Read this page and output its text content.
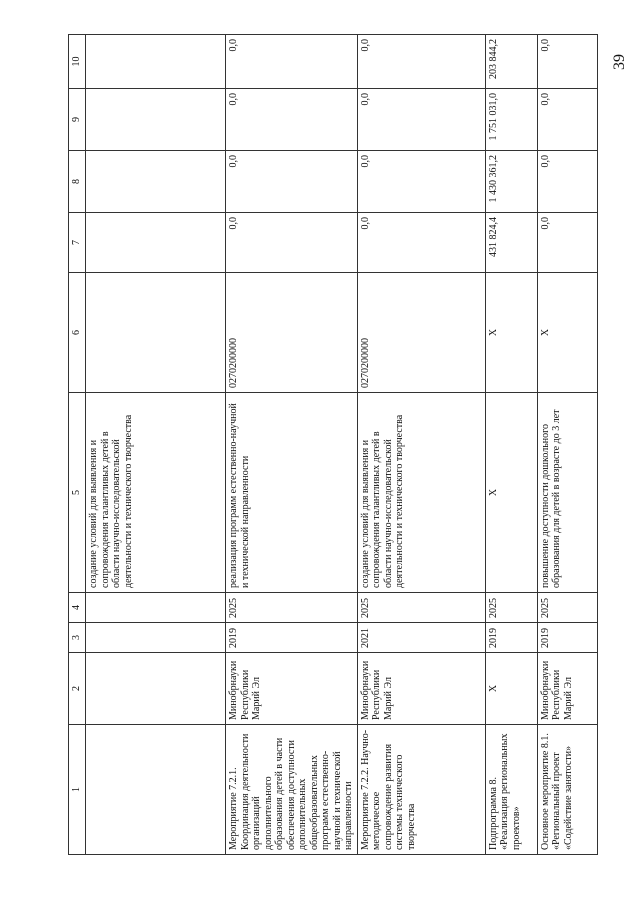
39
1	2	3	4	5	6	7	8	9	10
				создание условий для выявления и сопровождения талантливых детей в области научно-исследовательской деятельности и технического творчества					
Мероприятие 7.2.1. Координация деятельности организаций дополнительного образования детей в части обеспечения доступности дополнительных общеобразовательных программ естественно-научной и технической направленности	Минобрнауки Республики Марий Эл	2019	2025	реализация программ естественно-научной и технической направленности	0270200000	0,0	0,0	0,0	0,0
Мероприятие 7.2.2. Научно-методическое сопровождение развития системы технического творчества	Минобрнауки Республики Марий Эл	2021	2025	создание условий для выявления и сопровождения талантливых детей в области научно-исследовательской деятельности и технического творчества	0270200000	0,0	0,0	0,0	0,0
Подпрограмма 8. «Реализация региональных проектов»	Х	2019	2025	Х	Х	431 824,4	1 430 361,2	1 751 031,0	203 844,2
Основное мероприятие 8.1. «Региональный проект «Содействие занятости»	Минобрнауки Республики Марий Эл	2019	2025	повышение доступности дошкольного образования для детей в возрасте до 3 лет	Х	0,0	0,0	0,0	0,0
